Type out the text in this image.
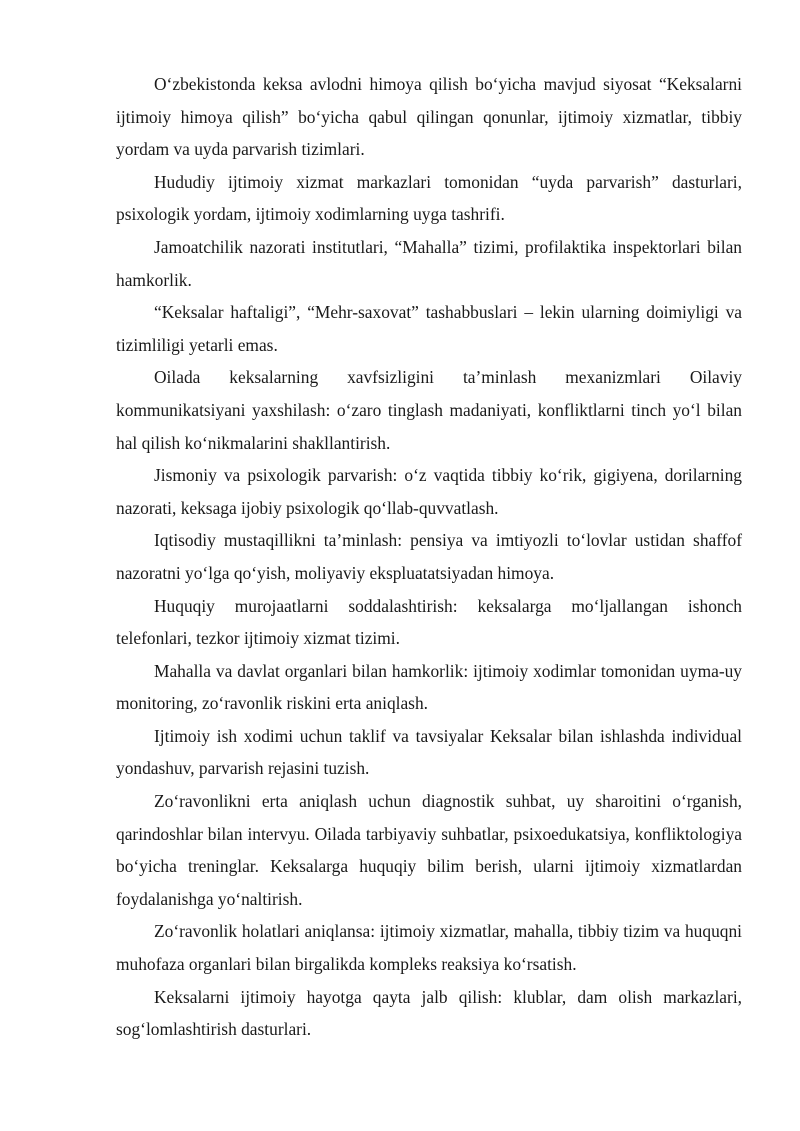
O‘zbekistonda keksa avlodni himoya qilish bo‘yicha mavjud siyosat “Keksalarni ijtimoiy himoya qilish” bo‘yicha qabul qilingan qonunlar, ijtimoiy xizmatlar, tibbiy yordam va uyda parvarish tizimlari.

Hududiy ijtimoiy xizmat markazlari tomonidan “uyda parvarish” dasturlari, psixologik yordam, ijtimoiy xodimlarning uyga tashrifi.

Jamoatchilik nazorati institutlari, “Mahalla” tizimi, profilaktika inspektorlari bilan hamkorlik.

“Keksalar haftaligi”, “Mehr-saxovat” tashabbuslari – lekin ularning doimiyligi va tizimliligi yetarli emas.

Oilada keksalarning xavfsizligini ta’minlash mexanizmlari Oilaviy kommunikatsiyani yaxshilash: o‘zaro tinglash madaniyati, konfliktlarni tinch yo‘l bilan hal qilish ko‘nikmalarini shakllantirish.

Jismoniy va psixologik parvarish: o‘z vaqtida tibbiy ko‘rik, gigiyena, dorilarning nazorati, keksaga ijobiy psixologik qo‘llab-quvvatlash.

Iqtisodiy mustaqillikni ta’minlash: pensiya va imtiyozli to‘lovlar ustidan shaffof nazoratni yo‘lga qo‘yish, moliyaviy ekspluatatsiyadan himoya.

Huquqiy murojaatlarni soddalashtirish: keksalarga mo‘ljallangan ishonch telefonlari, tezkor ijtimoiy xizmat tizimi.

Mahalla va davlat organlari bilan hamkorlik: ijtimoiy xodimlar tomonidan uyma-uy monitoring, zo‘ravonlik riskini erta aniqlash.

Ijtimoiy ish xodimi uchun taklif va tavsiyalar Keksalar bilan ishlashda individual yondashuv, parvarish rejasini tuzish.

Zo‘ravonlikni erta aniqlash uchun diagnostik suhbat, uy sharoitini o‘rganish, qarindoshlar bilan intervyu. Oilada tarbiyaviy suhbatlar, psixoedukatsiya, konfliktologiya bo‘yicha treninglar. Keksalarga huquqiy bilim berish, ularni ijtimoiy xizmatlardan foydalanishga yo‘naltirish.

Zo‘ravonlik holatlari aniqlansa: ijtimoiy xizmatlar, mahalla, tibbiy tizim va huquqni muhofaza organlari bilan birgalikda kompleks reaksiya ko‘rsatish.

Keksalarni ijtimoiy hayotga qayta jalb qilish: klublar, dam olish markazlari, sog‘lomlashtirish dasturlari.
